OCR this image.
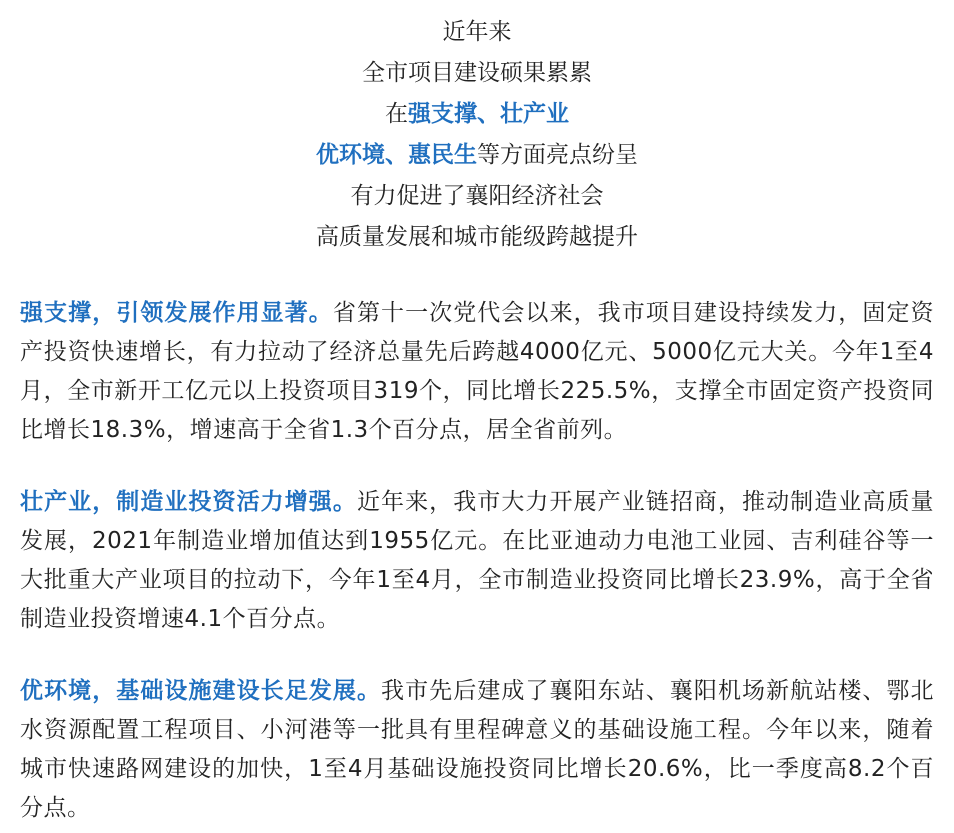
近年来
全市项目建设硕果累累
在强支撑、壮产业
优环境、惠民生等方面亮点纷呈
有力促进了襄阳经济社会
高质量发展和城市能级跨越提升

强支撑，引领发展作用显著。省第十一次党代会以来，我市项目建设持续发力，固定资产投资快速增长，有力拉动了经济总量先后跨越4000亿元、5000亿元大关。今年1至4月，全市新开工亿元以上投资项目319个，同比增长225.5%，支撑全市固定资产投资同比增长18.3%，增速高于全省1.3个百分点，居全省前列。

壮产业，制造业投资活力增强。近年来，我市大力开展产业链招商，推动制造业高质量发展，2021年制造业增加值达到1955亿元。在比亚迪动力电池工业园、吉利硅谷等一大批重大产业项目的拉动下，今年1至4月，全市制造业投资同比增长23.9%，高于全省制造业投资增速4.1个百分点。

优环境，基础设施建设长足发展。我市先后建成了襄阳东站、襄阳机场新航站楼、鄂北水资源配置工程项目、小河港等一批具有里程碑意义的基础设施工程。今年以来，随着城市快速路网建设的加快，1至4月基础设施投资同比增长20.6%，比一季度高8.2个百分点。
